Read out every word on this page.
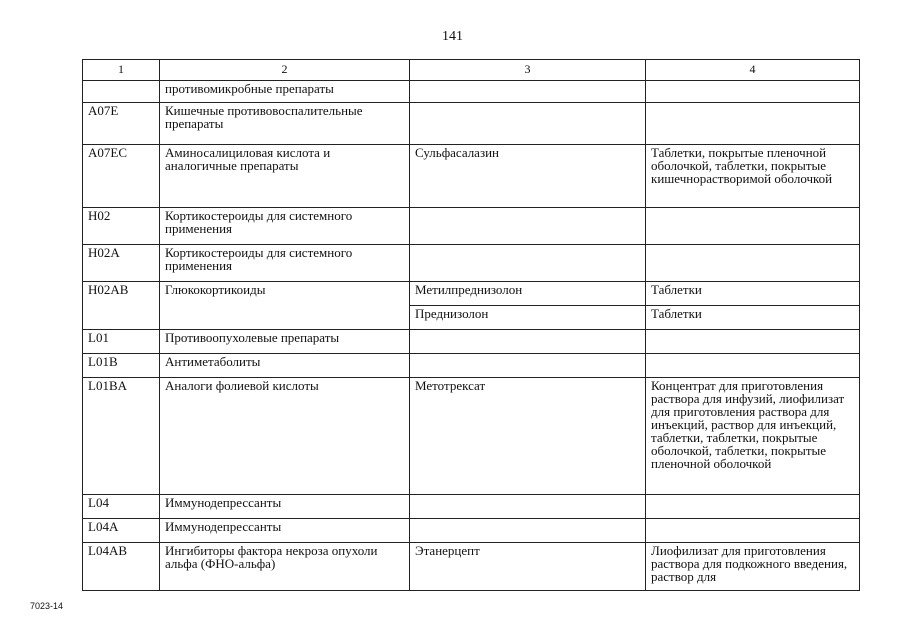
141
1	2	3	4
	противомикробные препараты		
A07E	Кишечные противовоспалительные препараты		
A07EC	Аминосалициловая кислота и аналогичные препараты	Сульфасалазин	Таблетки, покрытые пленочной оболочкой, таблетки, покрытые кишечнорастворимой оболочкой
H02	Кортикостероиды для системного применения		
H02A	Кортикостероиды для системного применения		
H02AB	Глюкокортикоиды	Метилпреднизолон	Таблетки
		Преднизолон	Таблетки
L01	Противоопухолевые препараты		
L01B	Антиметаболиты		
L01BA	Аналоги фолиевой кислоты	Метотрексат	Концентрат для приготовления раствора для инфузий, лиофилизат для приготовления раствора для инъекций, раствор для инъекций, таблетки, таблетки, покрытые оболочкой, таблетки, покрытые пленочной оболочкой
L04	Иммунодепрессанты		
L04A	Иммунодепрессанты		
L04AB	Ингибиторы фактора некроза опухоли альфа (ФНО-альфа)	Этанерцепт	Лиофилизат для приготовления раствора для подкожного введения, раствор для
7023-14
